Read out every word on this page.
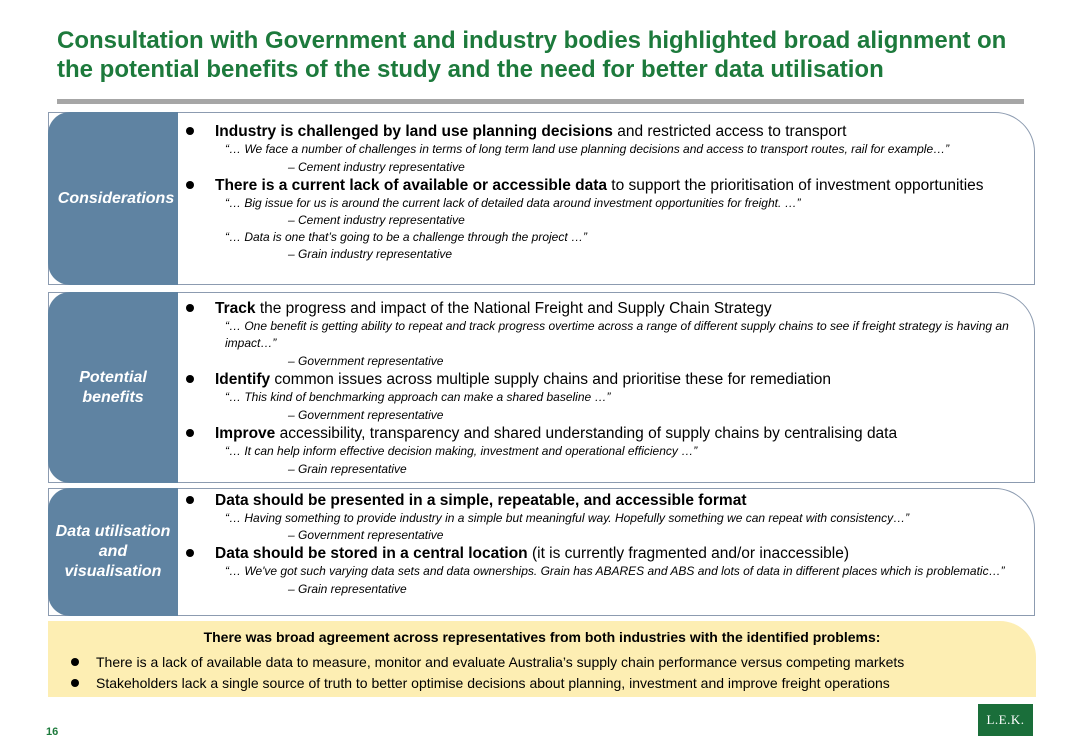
Consultation with Government and industry bodies highlighted broad alignment on the potential benefits of the study and the need for better data utilisation
Considerations
Industry is challenged by land use planning decisions and restricted access to transport
“… We face a number of challenges in terms of long term land use planning decisions and access to transport routes, rail for example…”
– Cement industry representative
There is a current lack of available or accessible data to support the prioritisation of investment opportunities
“… Big issue for us is around the current lack of detailed data around investment opportunities for freight. …”
– Cement industry representative
“… Data is one that’s going to be a challenge through the project …”
– Grain industry representative
Potential
benefits
Track the progress and impact of the National Freight and Supply Chain Strategy
“… One benefit is getting ability to repeat and track progress overtime across a range of different supply chains to see if freight strategy is having an impact…”
– Government representative
Identify common issues across multiple supply chains and prioritise these for remediation
“… This kind of benchmarking approach can make a shared baseline …”
– Government representative
Improve accessibility, transparency and shared understanding of supply chains by centralising data
“… It can help inform effective decision making, investment and operational efficiency …”
– Grain representative
Data utilisation
and
visualisation
Data should be presented in a simple, repeatable, and accessible format
“… Having something to provide industry in a simple but meaningful way. Hopefully something we can repeat with consistency…”
– Government representative
Data should be stored in a central location (it is currently fragmented and/or inaccessible)
“… We've got such varying data sets and data ownerships. Grain has ABARES and ABS and lots of data in different places which is problematic…”
– Grain representative
There was broad agreement across representatives from both industries with the identified problems:
There is a lack of available data to measure, monitor and evaluate Australia’s supply chain performance versus competing markets
Stakeholders lack a single source of truth to better optimise decisions about planning, investment and improve freight operations
16
L.E.K.
